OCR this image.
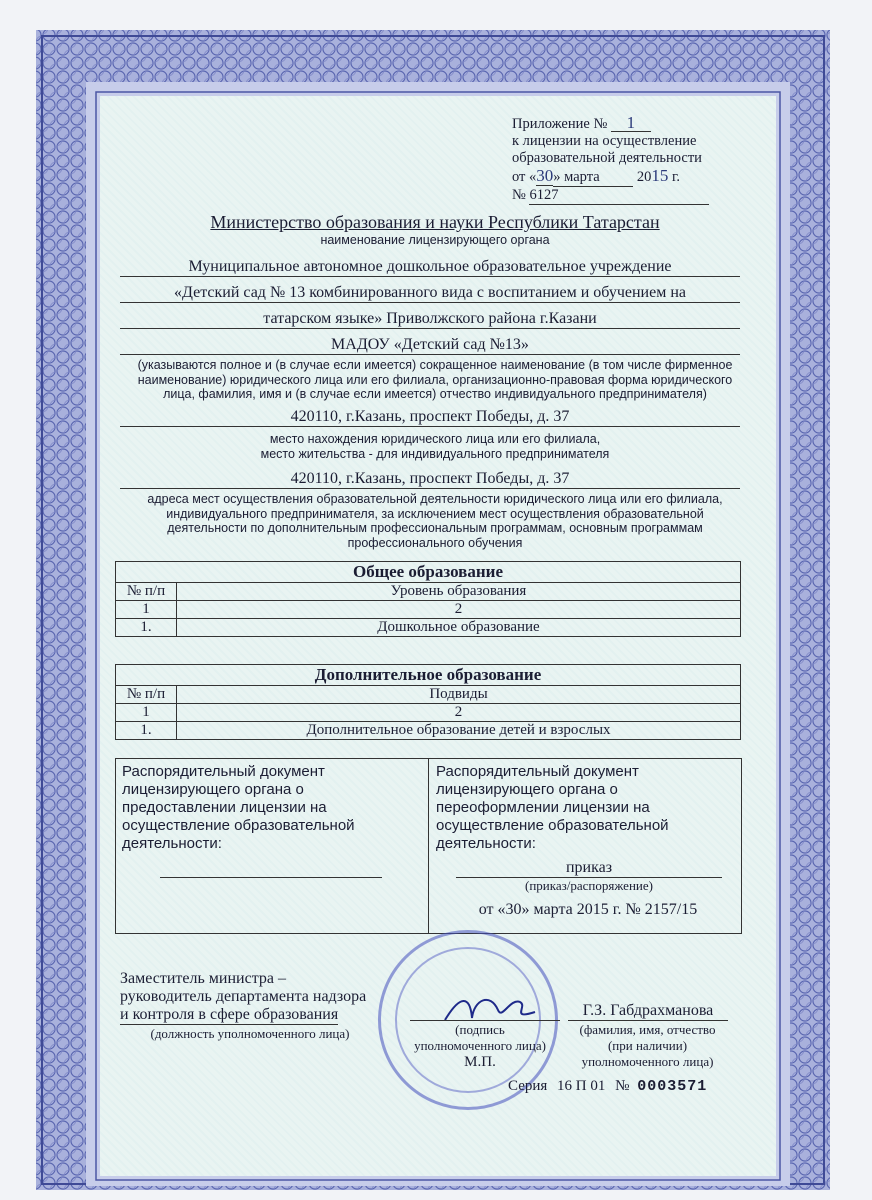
Приложение № 1
к лицензии на осуществление
образовательной деятельности
от «30» марта	2015 г.
№ 6127
Министерство образования и науки Республики Татарстан
наименование лицензирующего органа
Муниципальное автономное дошкольное образовательное учреждение
«Детский сад № 13 комбинированного вида с воспитанием и обучением на
татарском языке» Приволжского района г.Казани
МАДОУ «Детский сад №13»
(указываются полное и (в случае если имеется) сокращенное наименование (в том числе фирменное
наименование) юридического лица или его филиала, организационно-правовая форма юридического
лица, фамилия, имя и (в случае если имеется) отчество индивидуального предпринимателя)
420110, г.Казань, проспект Победы, д. 37
место нахождения юридического лица или его филиала,
место жительства - для индивидуального предпринимателя
420110, г.Казань, проспект Победы, д. 37
адреса мест осуществления образовательной деятельности юридического лица или его филиала,
индивидуального предпринимателя, за исключением мест осуществления образовательной
деятельности по дополнительным профессиональным программам, основным программам
профессионального обучения
Общее образование	
№ п/п	Уровень образования
1	2
1.	Дошкольное образование
Дополнительное образование	
№ п/п	Подвиды
1	2
1.	Дополнительное образование детей и взрослых
Распорядительный документ
лицензирующего органа о
предоставлении лицензии на
осуществление образовательной
деятельности:
Распорядительный документ
лицензирующего органа о
переоформлении лицензии на
осуществление образовательной
деятельности:
приказ
(приказ/распоряжение)
от «30» марта 2015 г. № 2157/15
Заместитель министра –
руководитель департамента надзора
и контроля в сфере образования
(должность уполномоченного лица)	(подпись
уполномоченного лица)
М.П.
Г.З. Габдрахманова
(фамилия, имя, отчество
(при наличии)
уполномоченного лица)
Серия 16 П 01 № 0003571
